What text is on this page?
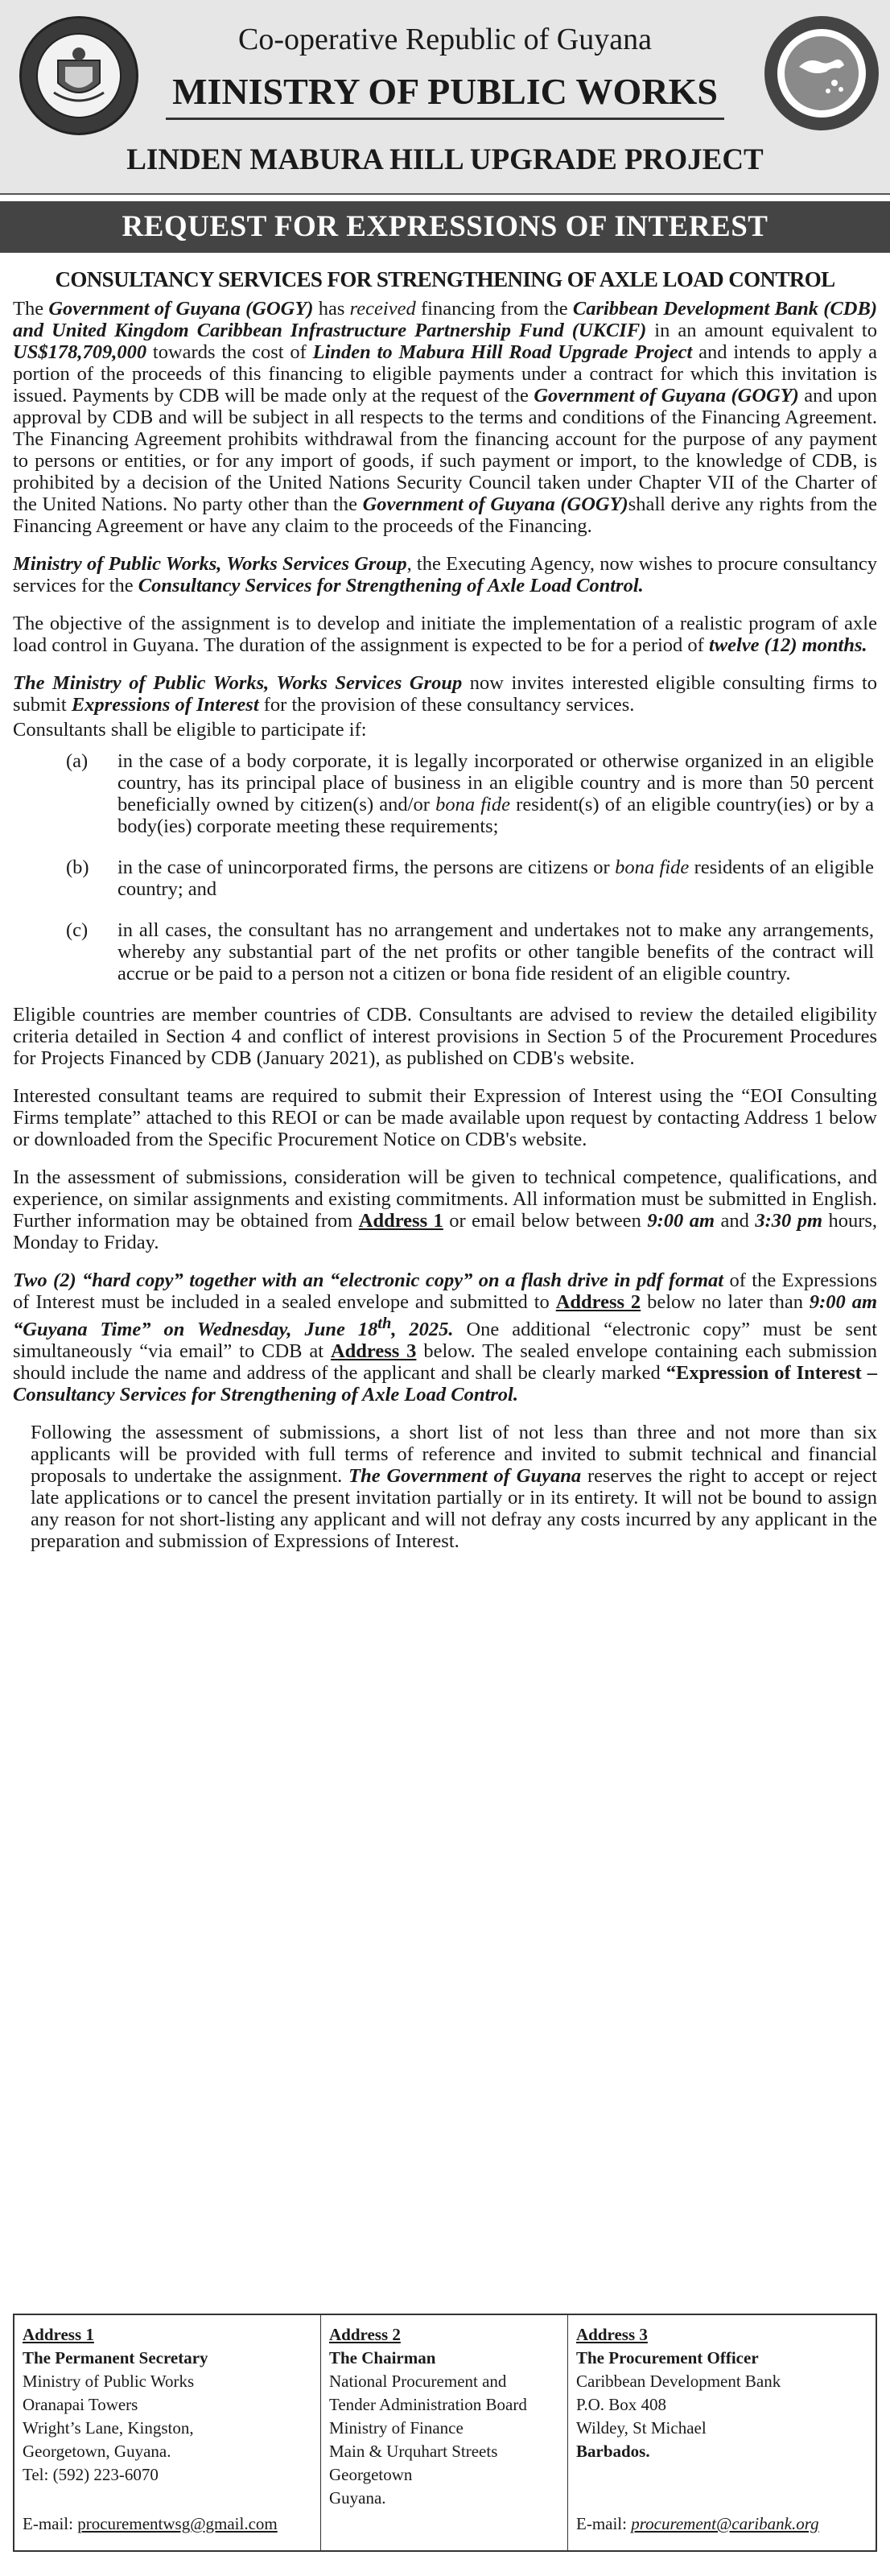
Co-operative Republic of Guyana
MINISTRY OF PUBLIC WORKS
LINDEN MABURA HILL UPGRADE PROJECT
REQUEST FOR EXPRESSIONS OF INTEREST
CONSULTANCY SERVICES FOR STRENGTHENING OF AXLE LOAD CONTROL

The Government of Guyana (GOGY) has received financing from the Caribbean Development Bank (CDB) and United Kingdom Caribbean Infrastructure Partnership Fund (UKCIF) in an amount equivalent to US$178,709,000 towards the cost of Linden to Mabura Hill Road Upgrade Project and intends to apply a portion of the proceeds of this financing to eligible payments under a contract for which this invitation is issued. Payments by CDB will be made only at the request of the Government of Guyana (GOGY) and upon approval by CDB and will be subject in all respects to the terms and conditions of the Financing Agreement. The Financing Agreement prohibits withdrawal from the financing account for the purpose of any payment to persons or entities, or for any import of goods, if such payment or import, to the knowledge of CDB, is prohibited by a decision of the United Nations Security Council taken under Chapter VII of the Charter of the United Nations. No party other than the Government of Guyana (GOGY)shall derive any rights from the Financing Agreement or have any claim to the proceeds of the Financing.

Ministry of Public Works, Works Services Group, the Executing Agency, now wishes to procure consultancy services for the Consultancy Services for Strengthening of Axle Load Control.

The objective of the assignment is to develop and initiate the implementation of a realistic program of axle load control in Guyana. The duration of the assignment is expected to be for a period of twelve (12) months.

The Ministry of Public Works, Works Services Group now invites interested eligible consulting firms to submit Expressions of Interest for the provision of these consultancy services.

Consultants shall be eligible to participate if:

(a) in the case of a body corporate, it is legally incorporated or otherwise organized in an eligible country, has its principal place of business in an eligible country and is more than 50 percent beneficially owned by citizen(s) and/or bona fide resident(s) of an eligible country(ies) or by a body(ies) corporate meeting these requirements;
(b) in the case of unincorporated firms, the persons are citizens or bona fide residents of an eligible country; and
(c) in all cases, the consultant has no arrangement and undertakes not to make any arrangements, whereby any substantial part of the net profits or other tangible benefits of the contract will accrue or be paid to a person not a citizen or bona fide resident of an eligible country.

Eligible countries are member countries of CDB. Consultants are advised to review the detailed eligibility criteria detailed in Section 4 and conflict of interest provisions in Section 5 of the Procurement Procedures for Projects Financed by CDB (January 2021), as published on CDB's website.

Interested consultant teams are required to submit their Expression of Interest using the “EOI Consulting Firms template” attached to this REOI or can be made available upon request by contacting Address 1 below or downloaded from the Specific Procurement Notice on CDB's website.

In the assessment of submissions, consideration will be given to technical competence, qualifications, and experience, on similar assignments and existing commitments. All information must be submitted in English. Further information may be obtained from Address 1 or email below between 9:00 am and 3:30 pm hours, Monday to Friday.

Two (2) “hard copy” together with an “electronic copy” on a flash drive in pdf format of the Expressions of Interest must be included in a sealed envelope and submitted to Address 2 below no later than 9:00 am “Guyana Time” on Wednesday, June 18th, 2025. One additional “electronic copy” must be sent simultaneously “via email” to CDB at Address 3 below. The sealed envelope containing each submission should include the name and address of the applicant and shall be clearly marked “Expression of Interest – Consultancy Services for Strengthening of Axle Load Control.

Following the assessment of submissions, a short list of not less than three and not more than six applicants will be provided with full terms of reference and invited to submit technical and financial proposals to undertake the assignment. The Government of Guyana reserves the right to accept or reject late applications or to cancel the present invitation partially or in its entirety. It will not be bound to assign any reason for not short-listing any applicant and will not defray any costs incurred by any applicant in the preparation and submission of Expressions of Interest.

Address 1
The Permanent Secretary
Ministry of Public Works
Oranapai Towers
Wright’s Lane, Kingston,
Georgetown, Guyana.
Tel: (592) 223-6070
E-mail: procurementwsg@gmail.com
Address 2
The Chairman
National Procurement and
Tender Administration Board
Ministry of Finance
Main & Urquhart Streets
Georgetown
Guyana.
Address 3
The Procurement Officer
Caribbean Development Bank
P.O. Box 408
Wildey, St Michael
Barbados.
E-mail: procurement@caribank.org
